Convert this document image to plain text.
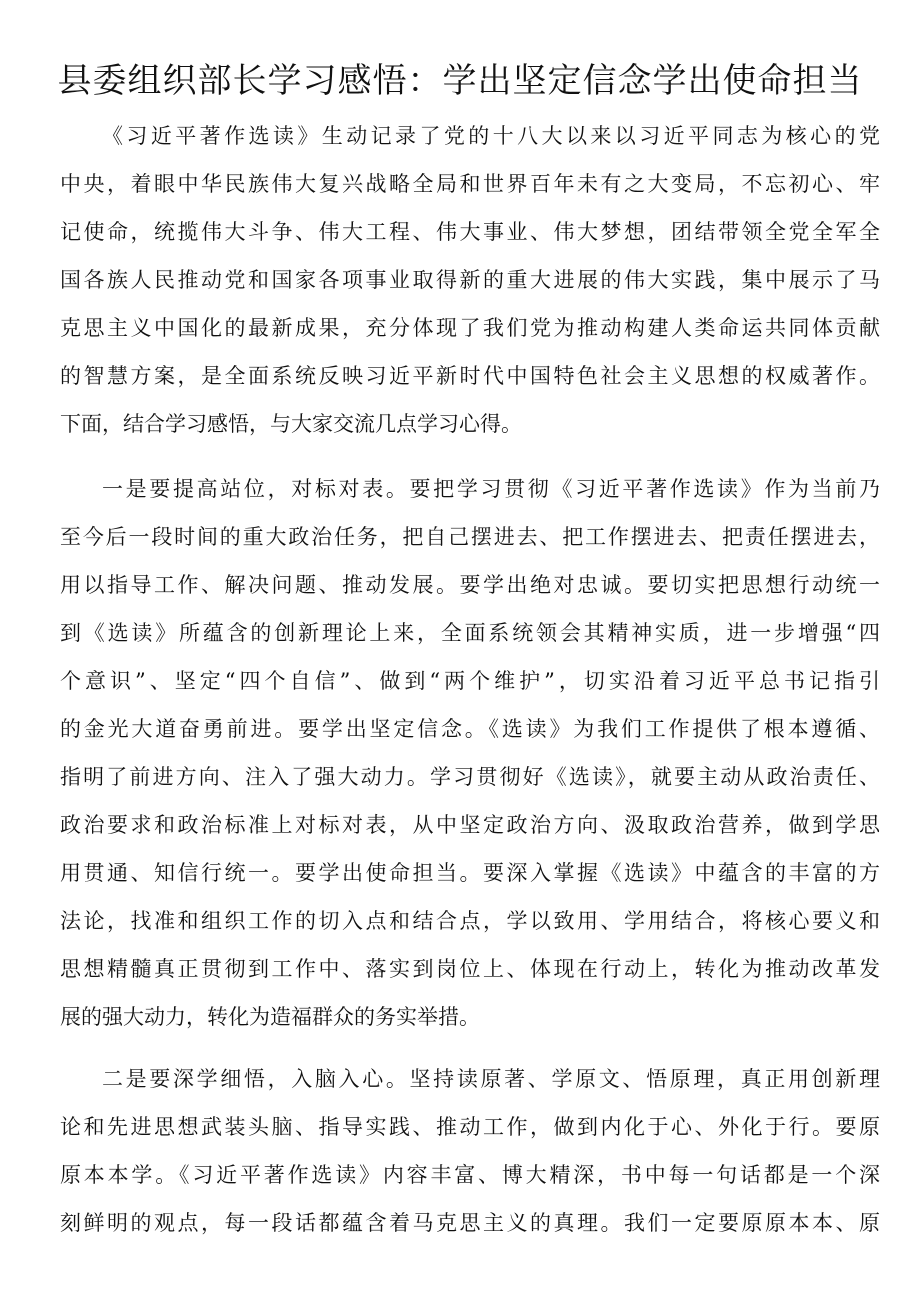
县委组织部长学习感悟：学出坚定信念学出使命担当
《习近平著作选读》生动记录了党的十八大以来以习近平同志为核心的党
中央，着眼中华民族伟大复兴战略全局和世界百年未有之大变局，不忘初心、牢
记使命，统揽伟大斗争、伟大工程、伟大事业、伟大梦想，团结带领全党全军全
国各族人民推动党和国家各项事业取得新的重大进展的伟大实践，集中展示了马
克思主义中国化的最新成果，充分体现了我们党为推动构建人类命运共同体贡献
的智慧方案，是全面系统反映习近平新时代中国特色社会主义思想的权威著作。
下面，结合学习感悟，与大家交流几点学习心得。
一是要提高站位，对标对表。要把学习贯彻《习近平著作选读》作为当前乃
至今后一段时间的重大政治任务，把自己摆进去、把工作摆进去、把责任摆进去，
用以指导工作、解决问题、推动发展。要学出绝对忠诚。要切实把思想行动统一
到《选读》所蕴含的创新理论上来，全面系统领会其精神实质，进一步增强“四
个意识”、坚定“四个自信”、做到“两个维护”，切实沿着习近平总书记指引
的金光大道奋勇前进。要学出坚定信念。《选读》为我们工作提供了根本遵循、
指明了前进方向、注入了强大动力。学习贯彻好《选读》，就要主动从政治责任、
政治要求和政治标准上对标对表，从中坚定政治方向、汲取政治营养，做到学思
用贯通、知信行统一。要学出使命担当。要深入掌握《选读》中蕴含的丰富的方
法论，找准和组织工作的切入点和结合点，学以致用、学用结合，将核心要义和
思想精髓真正贯彻到工作中、落实到岗位上、体现在行动上，转化为推动改革发
展的强大动力，转化为造福群众的务实举措。
二是要深学细悟，入脑入心。坚持读原著、学原文、悟原理，真正用创新理
论和先进思想武装头脑、指导实践、推动工作，做到内化于心、外化于行。要原
原本本学。《习近平著作选读》内容丰富、博大精深，书中每一句话都是一个深
刻鲜明的观点，每一段话都蕴含着马克思主义的真理。我们一定要原原本本、原
